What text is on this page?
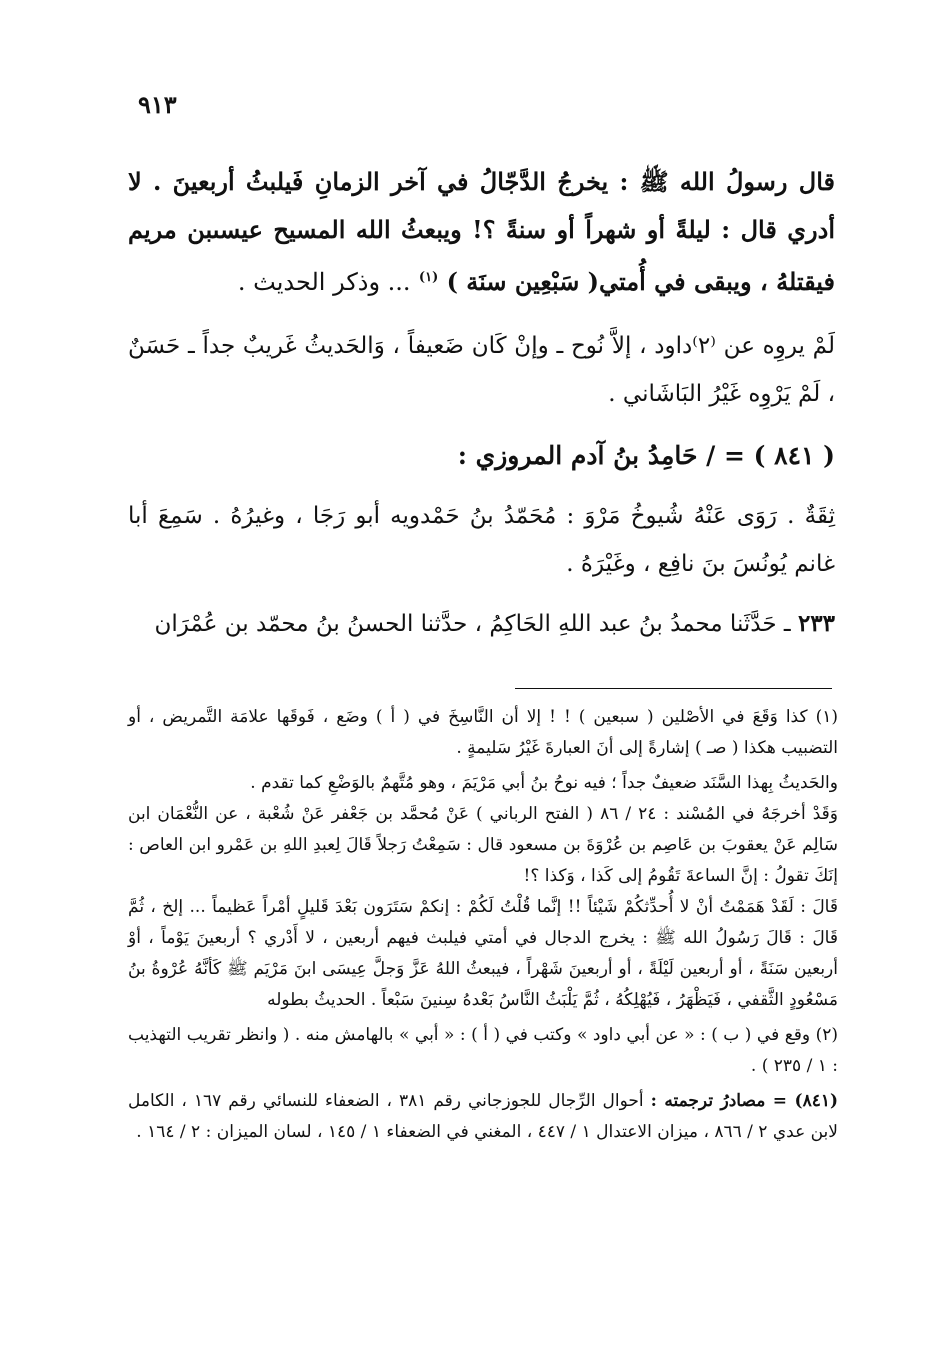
٩١٣

قال رسولُ الله ﷺ : يخرجُ الدَّجّالُ في آخر الزمانِ فَيلبثُ أربعينَ . لا أدري قال : ليلةً أو شهراً أو سنةً ؟! ويبعثُ الله المسيح عيسىبن مريم فيقتلهُ ، ويبقى في أُمتي( سَبْعِين سنَة ) $^{(١)}$ ... وذكر الحديث .

لَمْ يروِه عن ⁽٢⁾داود ، إلاَّ نُوح ـ وإنْ كَان ضَعيفاً ، وَالحَديثُ غَريبٌ جداً ـ حَسَنٌ ، لَمْ يَرْوِه غَيْرُ البَاشَاني .

( ٨٤١ ) = / حَامِدُ بنُ آدم المروزي :

ثِقَةٌ . رَوَى عَنْهُ شُيوخُ مَرْوَ : مُحَمّدُ بنُ حَمْدويه أبو رَجَا ، وغيرُهُ . سَمِعَ أبا غانم يُونُسَ بنَ نافِع ، وغَيْرَهُ .

٢٣٣ ـ حَدَّثَنا محمدُ بنُ عبد اللهِ الحَاكِمُ ، حدَّثنا الحسنُ بنُ محمّد بن عُمْرَان

(١) كذا وَقَعَ في الأصْلين ( سبعين ) ! ! إلا أن النَّاسِخَ في ( أ ) وضَع ، فَوقَها علامَة التَّمريض ، أو التضبيب هكذا ( صـ ) إشارةً إلى أنَ العبارةَ غَيْرُ سَليمةٍ .

والحَديثُ بِهذا السَّنَد ضعيفٌ جداً ؛ فيه نوحُ بنُ أبي مَرْيَمَ ، وهو مُتَّهمٌ بالوَضْعِ كما تقدم .

وَقَدْ أخرجَهُ في المُسْند : ٢٤ / ٨٦ ( الفتح الرباني ) عَنْ مُحمَّد بن جَعْفر عَنْ شُعْبة ، عن النُّعْمَان ابن سَالِم عَنْ يعقوبَ بن عَاصِم بن عُرْوَةَ بن مسعود قال : سَمِعْتُ رَجلاً قَالَ لِعبدِ اللهِ بن عَمْرو ابن العاص : إنَكَ تقولُ : إنَّ الساعةَ تَقُومُ إلى كَذا ، وَكذا ؟!

قَالَ : لَقَدْ هَمَمْتُ أنْ لا أُحدِّثكُمْ شَيْئاً !! إنَّما قُلْتُ لَكُمْ : إنكمْ سَتَرَون بَعْدَ قَليلٍ أمْراً عَظيماً ... إلخ ، ثُمَّ قَالَ : قَالَ رَسُولُ الله ﷺ : يخرج الدجال في أمتي فيلبث فيهم أربعين ، لا أَدْري ؟ أربعينَ يَوْماً ، أوْ أربعين سَنَةً ، أو أربعين لَيْلَةً ، أو أربعينَ شَهْراً ، فيبعثُ اللهُ عَزَّ وَجلَّ عِيسَى ابنَ مَرْيَم ﷺ كَأنَّهُ عُرْوةُ بنُ مَسْعُودٍ الثَّقفي ، فَيَظْهَرُ ، فَيُهْلِكُهُ ، ثُمَّ يَلْبَثُ النَّاسُ بَعْدهُ سِنينَ سَبْعاً . الحديثُ بطوله

(٢) وقع في ( ب ) : « عن أبي داود » وكتب في ( أ ) : « أبي » بالهامش منه . ( وانظر تقريب التهذيب : ١ / ٢٣٥ ) .

(٨٤١) = مصادرُ ترجمته : أحوال الرِّجال للجوزجاني رقم ٣٨١ ، الضعفاء للنسائي رقم ١٦٧ ، الكامل لابن عدي ٢ / ٨٦٦ ، ميزان الاعتدال ١ / ٤٤٧ ، المغني في الضعفاء ١ / ١٤٥ ، لسان الميزان : ٢ / ١٦٤ .
